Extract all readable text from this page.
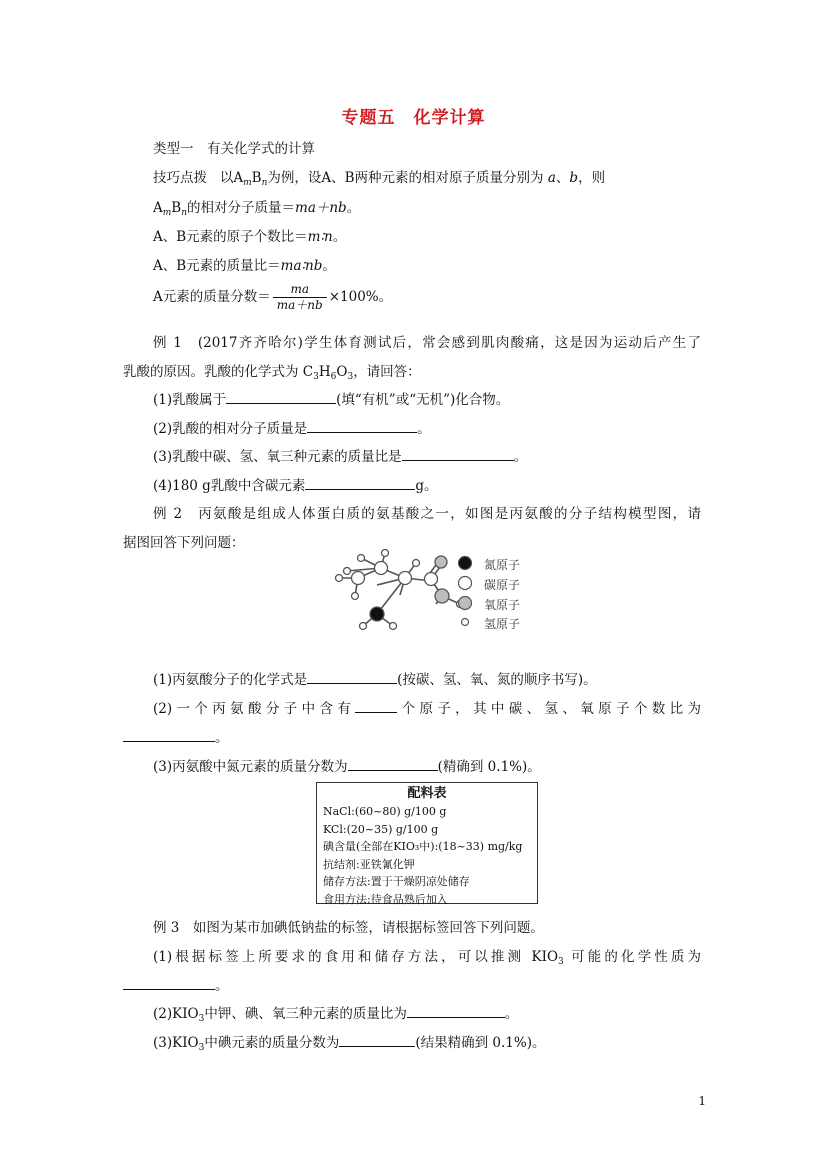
专题五　化学计算
类型一　有关化学式的计算
技巧点拨 以$A_mB_n$为例，设A、B两种元素的相对原子质量分别为 a、b，则
$A_mB_n$的相对分子质量＝ma＋nb。
A、B元素的原子个数比＝m∶n。
A、B元素的质量比＝ma∶nb。
A元素的质量分数＝ $\frac{ma}{ma+nb} \times 100\%$。
例 1　(2017齐齐哈尔)学生体育测试后，常会感到肌肉酸痛，这是因为运动后产生了
乳酸的原因。乳酸的化学式为 $C_3H_6O_3$，请回答：
(1)乳酸属于	(填“有机”或“无机”)化合物。
(2)乳酸的相对分子质量是	。
(3)乳酸中碳、氢、氧三种元素的质量比是	。
(4)180 g乳酸中含碳元素	g。
例 2　丙氨酸是组成人体蛋白质的氨基酸之一，如图是丙氨酸的分子结构模型图，请
据图回答下列问题：
氮原子
碳原子
氧原子
氢原子
(1)丙氨酸分子的化学式是	(按碳、氢、氧、氮的顺序书写)。
(2)一个丙氨酸分子中含有	个原子，其中碳、氢、氧原子个数比为
。
(3)丙氨酸中氮元素的质量分数为	(精确到 0.1%)。
配料表
NaCl:(60~80) g/100 g
KCl:(20~35) g/100 g
碘含量(全部在KIO₃中):(18~33) mg/kg
抗结剂:亚铁氰化钾
储存方法:置于干燥阴凉处储存
食用方法:待食品熟后加入
例 3　如图为某市加碘低钠盐的标签，请根据标签回答下列问题。
(1)根据标签上所要求的食用和储存方法，可以推测 $KIO_3$ 可能的化学性质为
。
$(2)KIO_3$中钾、碘、氧三种元素的质量比为	。
$(3)KIO_3$中碘元素的质量分数为	(结果精确到 0.1%)。
1
